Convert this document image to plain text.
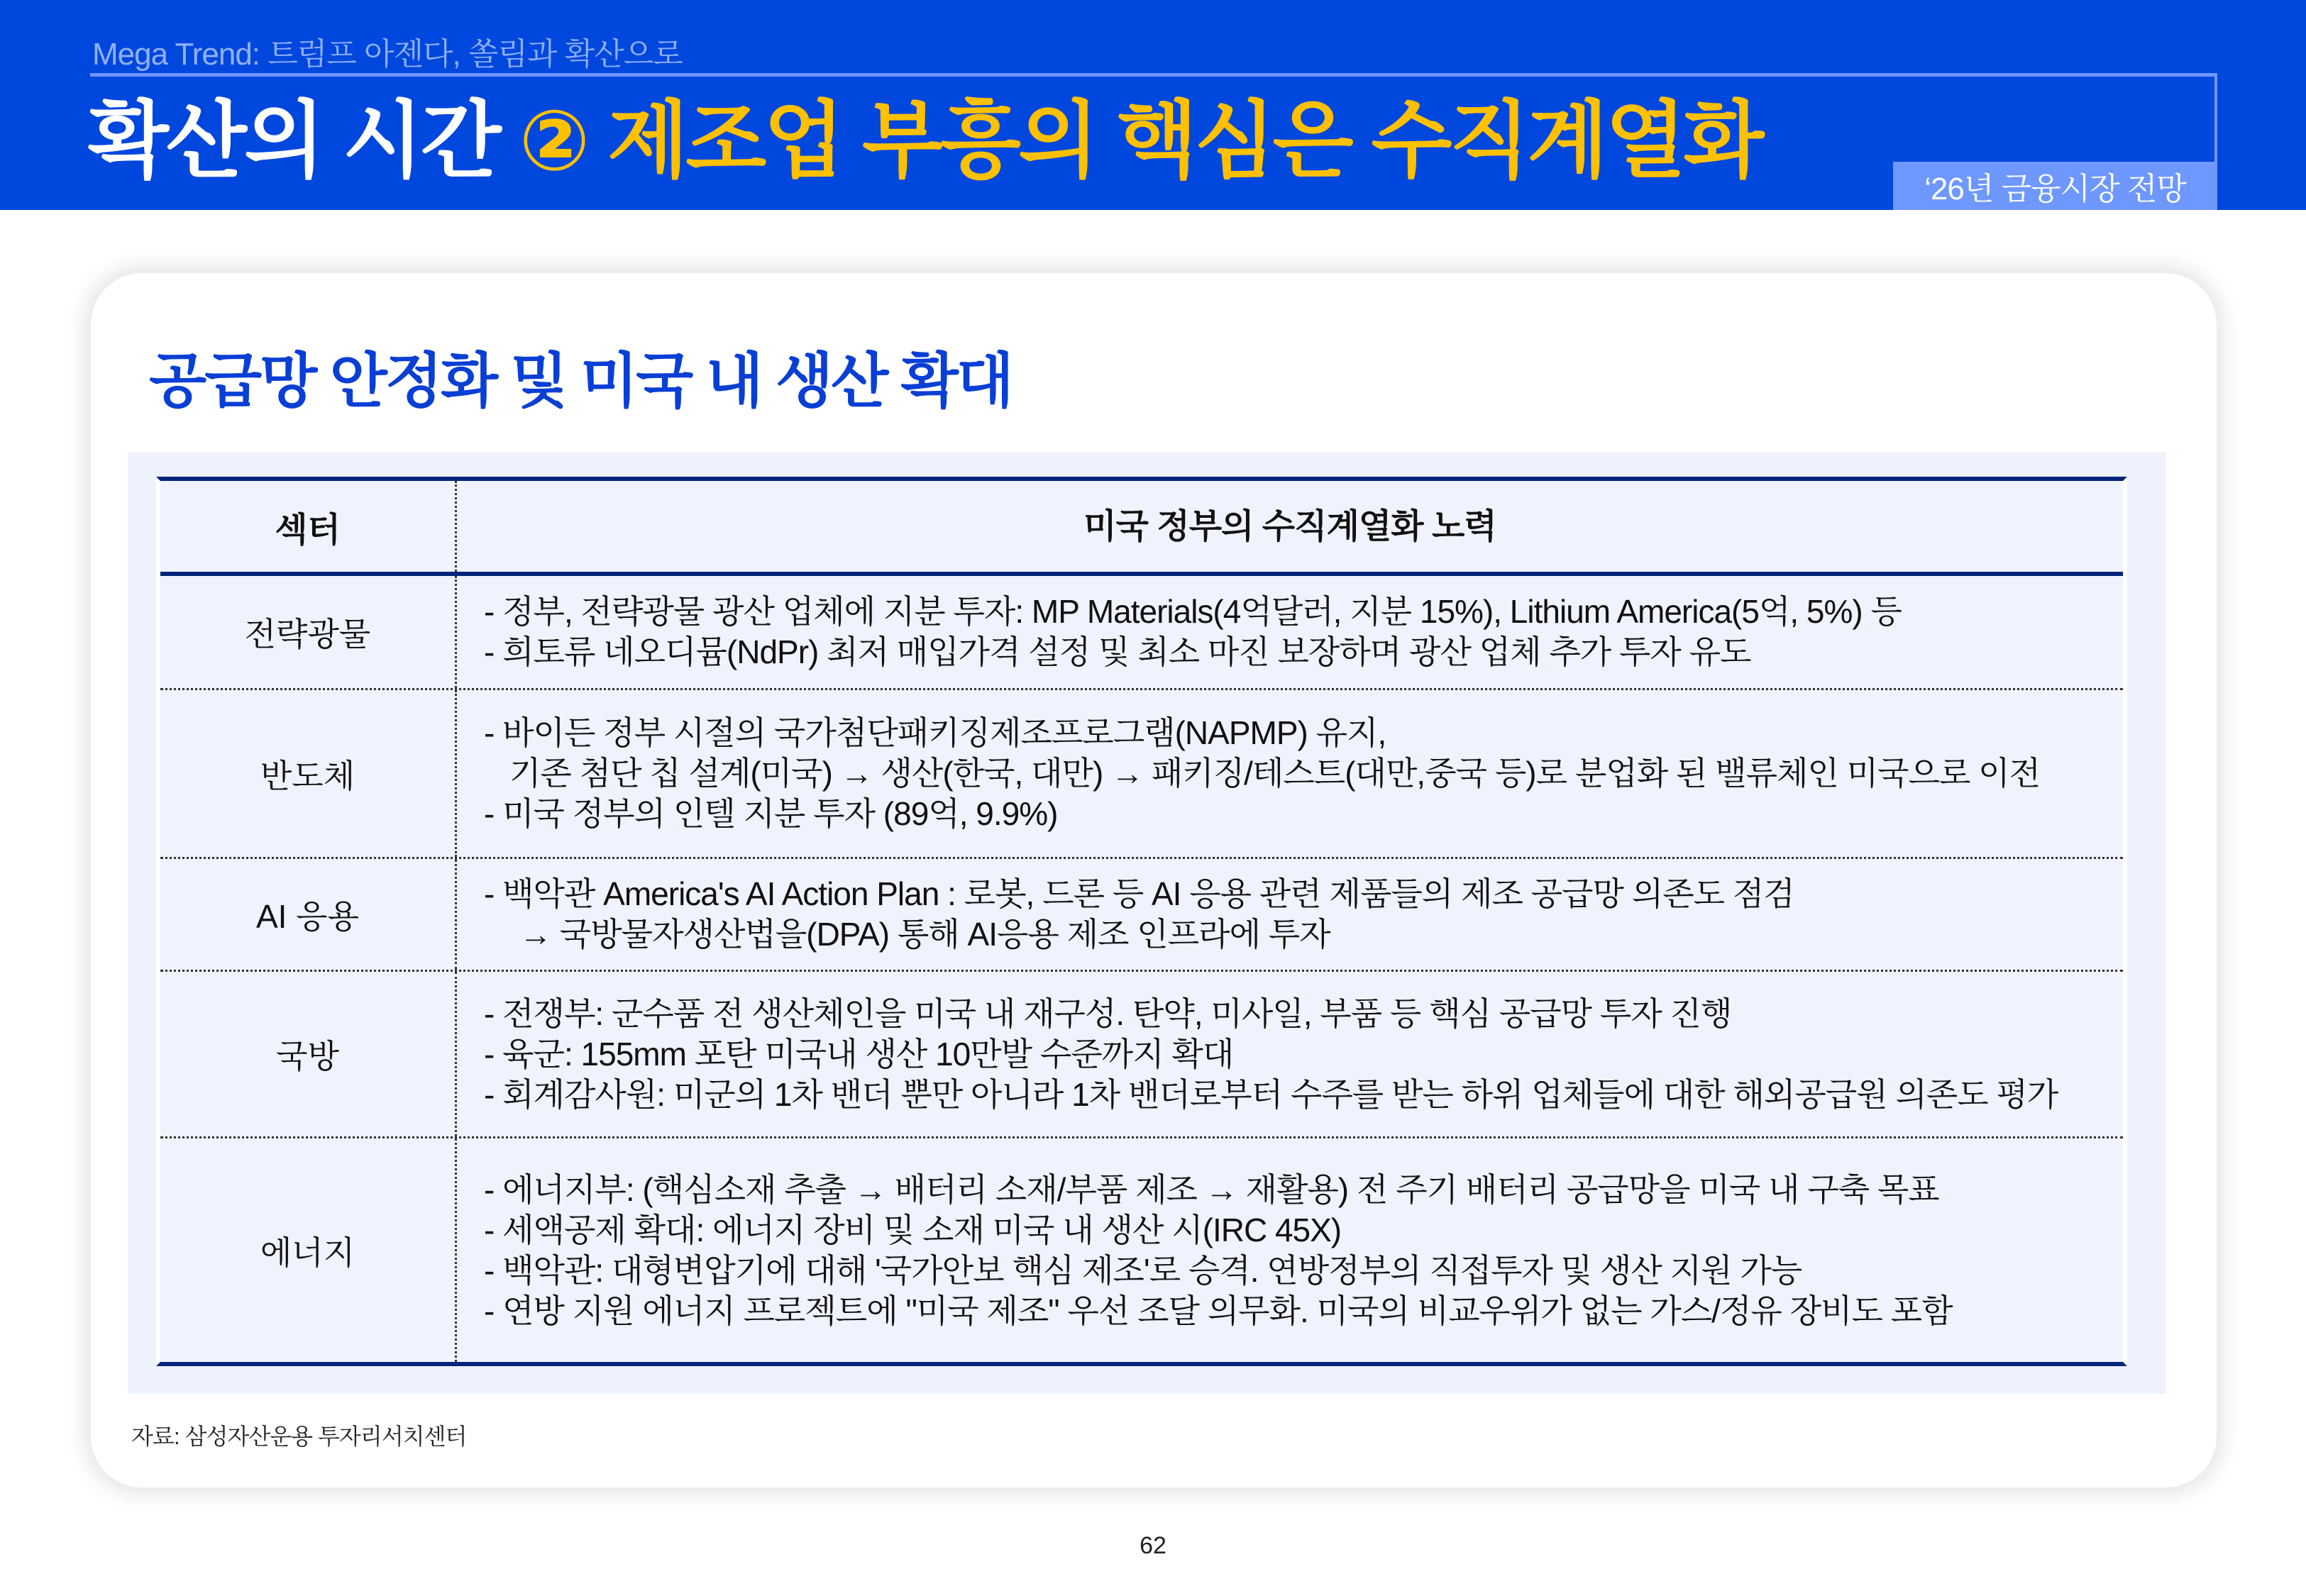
Mega Trend: 트럼프 아젠다, 쏠림과 확산으로
확산의 시간 ② 제조업 부흥의 핵심은 수직계열화
‘26년 금융시장 전망
공급망 안정화 및 미국 내 생산 확대
섹터	미국 정부의 수직계열화 노력
전략광물
- 정부, 전략광물 광산 업체에 지분 투자: MP Materials(4억달러, 지분 15%), Lithium America(5억, 5%) 등
- 희토류 네오디뮴(NdPr) 최저 매입가격 설정 및 최소 마진 보장하며 광산 업체 추가 투자 유도
반도체
- 바이든 정부 시절의 국가첨단패키징제조프로그램(NAPMP) 유지,
기존 첨단 칩 설계(미국) → 생산(한국, 대만) → 패키징/테스트(대만,중국 등)로 분업화 된 밸류체인 미국으로 이전
- 미국 정부의 인텔 지분 투자 (89억, 9.9%)
AI 응용
- 백악관 America's AI Action Plan : 로봇, 드론 등 AI 응용 관련 제품들의 제조 공급망 의존도 점검
→ 국방물자생산법을(DPA) 통해 AI응용 제조 인프라에 투자
국방
- 전쟁부: 군수품 전 생산체인을 미국 내 재구성. 탄약, 미사일, 부품 등 핵심 공급망 투자 진행
- 육군: 155mm 포탄 미국내 생산 10만발 수준까지 확대
- 회계감사원: 미군의 1차 밴더 뿐만 아니라 1차 밴더로부터 수주를 받는 하위 업체들에 대한 해외공급원 의존도 평가
에너지
- 에너지부: (핵심소재 추출 → 배터리 소재/부품 제조 → 재활용) 전 주기 배터리 공급망을 미국 내 구축 목표
- 세액공제 확대: 에너지 장비 및 소재 미국 내 생산 시(IRC 45X)
- 백악관: 대형변압기에 대해 '국가안보 핵심 제조'로 승격. 연방정부의 직접투자 및 생산 지원 가능
- 연방 지원 에너지 프로젝트에 "미국 제조" 우선 조달 의무화. 미국의 비교우위가 없는 가스/정유 장비도 포함
자료: 삼성자산운용 투자리서치센터
62
